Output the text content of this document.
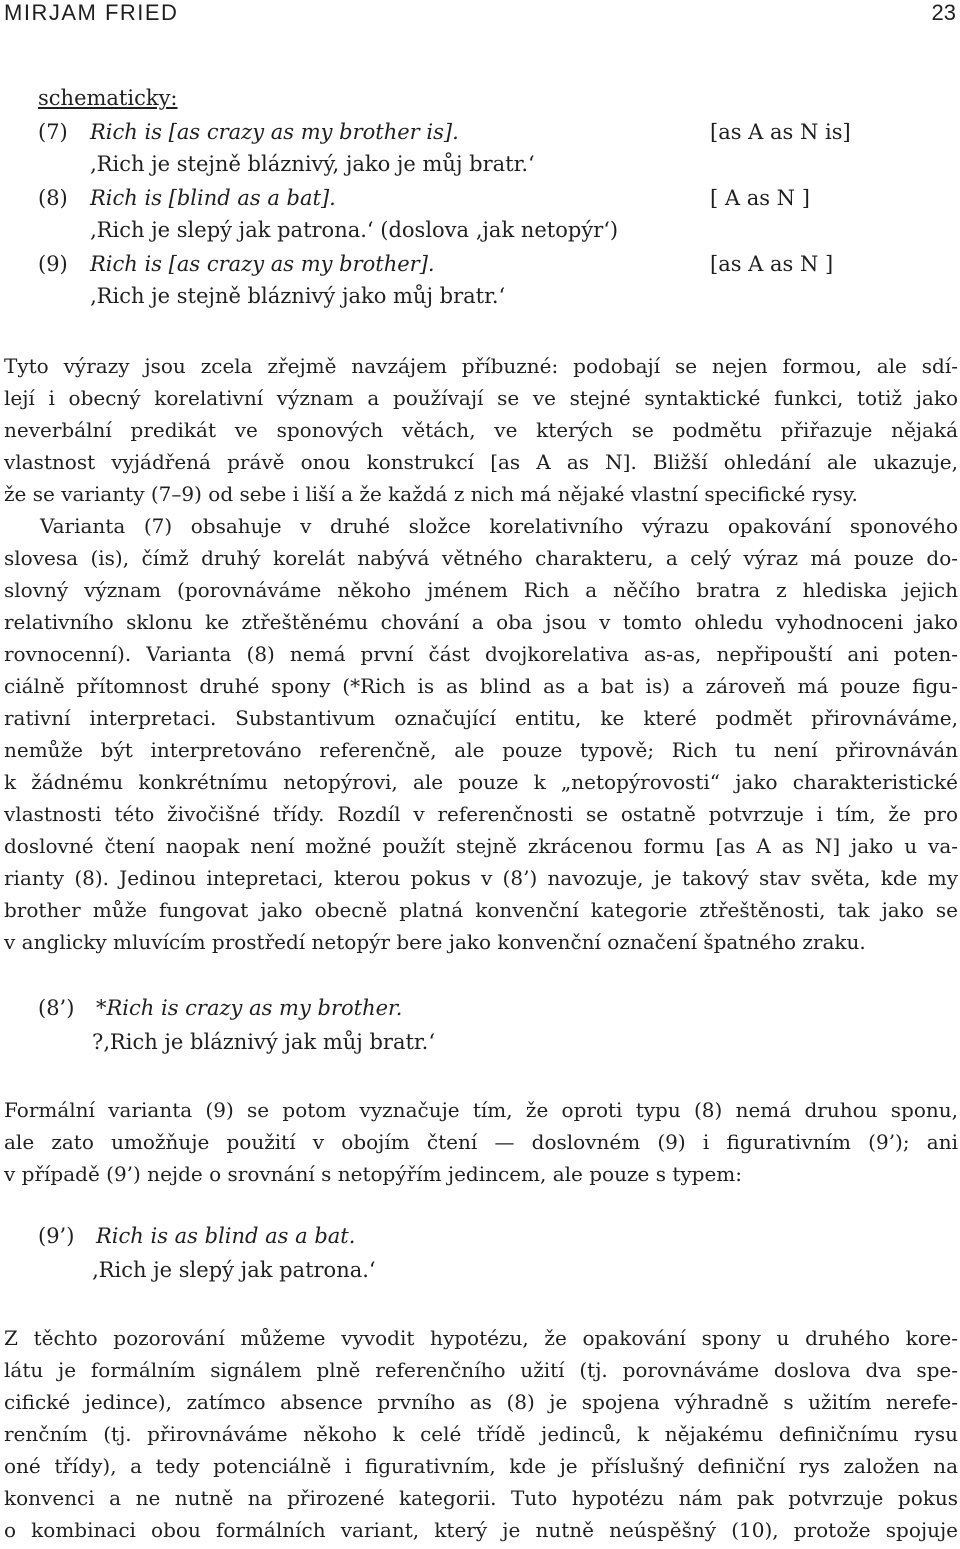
MIRJAM FRIED	23
schematicky:
(7) Rich is [as crazy as my brother is].	[as A as N is]
‚Rich je stejně bláznivý, jako je můj bratr.‘
(8) Rich is [blind as a bat].	[ A as N ]
‚Rich je slepý jak patrona.‘ (doslova ‚jak netopýr‘)
(9) Rich is [as crazy as my brother].	[as A as N ]
‚Rich je stejně bláznivý jako můj bratr.‘
Tyto výrazy jsou zcela zřejmě navzájem příbuzné: podobají se nejen formou, ale sdí-
lejí i obecný korelativní význam a používají se ve stejné syntaktické funkci, totiž jako
neverbální predikát ve sponových větách, ve kterých se podmětu přiřazuje nějaká
vlastnost vyjádřená právě onou konstrukcí [as A as N]. Bližší ohledání ale ukazuje,
že se varianty (7–9) od sebe i liší a že každá z nich má nějaké vlastní specifické rysy.
Varianta (7) obsahuje v druhé složce korelativního výrazu opakování sponového
slovesa (is), čímž druhý korelát nabývá větného charakteru, a celý výraz má pouze do-
slovný význam (porovnáváme někoho jménem Rich a něčího bratra z hlediska jejich
relativního sklonu ke ztřeštěnému chování a oba jsou v tomto ohledu vyhodnoceni jako
rovnocenní). Varianta (8) nemá první část dvojkorelativa as-as, nepřipouští ani poten-
ciálně přítomnost druhé spony (*Rich is as blind as a bat is) a zároveň má pouze figu-
rativní interpretaci. Substantivum označující entitu, ke které podmět přirovnáváme,
nemůže být interpretováno referenčně, ale pouze typově; Rich tu není přirovnáván
k žádnému konkrétnímu netopýrovi, ale pouze k „netopýrovosti“ jako charakteristické
vlastnosti této živočišné třídy. Rozdíl v referenčnosti se ostatně potvrzuje i tím, že pro
doslovné čtení naopak není možné použít stejně zkrácenou formu [as A as N] jako u va-
rianty (8). Jedinou intepretaci, kterou pokus v (8’) navozuje, je takový stav světa, kde my
brother může fungovat jako obecně platná konvenční kategorie ztřeštěnosti, tak jako se
v anglicky mluvícím prostředí netopýr bere jako konvenční označení špatného zraku.
(8’) *Rich is crazy as my brother.
?‚Rich je bláznivý jak můj bratr.‘
Formální varianta (9) se potom vyznačuje tím, že oproti typu (8) nemá druhou sponu,
ale zato umožňuje použití v obojím čtení — doslovném (9) i figurativním (9’); ani
v případě (9’) nejde o srovnání s netopýřím jedincem, ale pouze s typem:
(9’) Rich is as blind as a bat.
‚Rich je slepý jak patrona.‘
Z těchto pozorování můžeme vyvodit hypotézu, že opakování spony u druhého kore-
látu je formálním signálem plně referenčního užití (tj. porovnáváme doslova dva spe-
cifické jedince), zatímco absence prvního as (8) je spojena výhradně s užitím nerefe-
renčním (tj. přirovnáváme někoho k celé třídě jedinců, k nějakému definičnímu rysu
oné třídy), a tedy potenciálně i figurativním, kde je příslušný definiční rys založen na
konvenci a ne nutně na přirozené kategorii. Tuto hypotézu nám pak potvrzuje pokus
o kombinaci obou formálních variant, který je nutně neúspěšný (10), protože spojuje
